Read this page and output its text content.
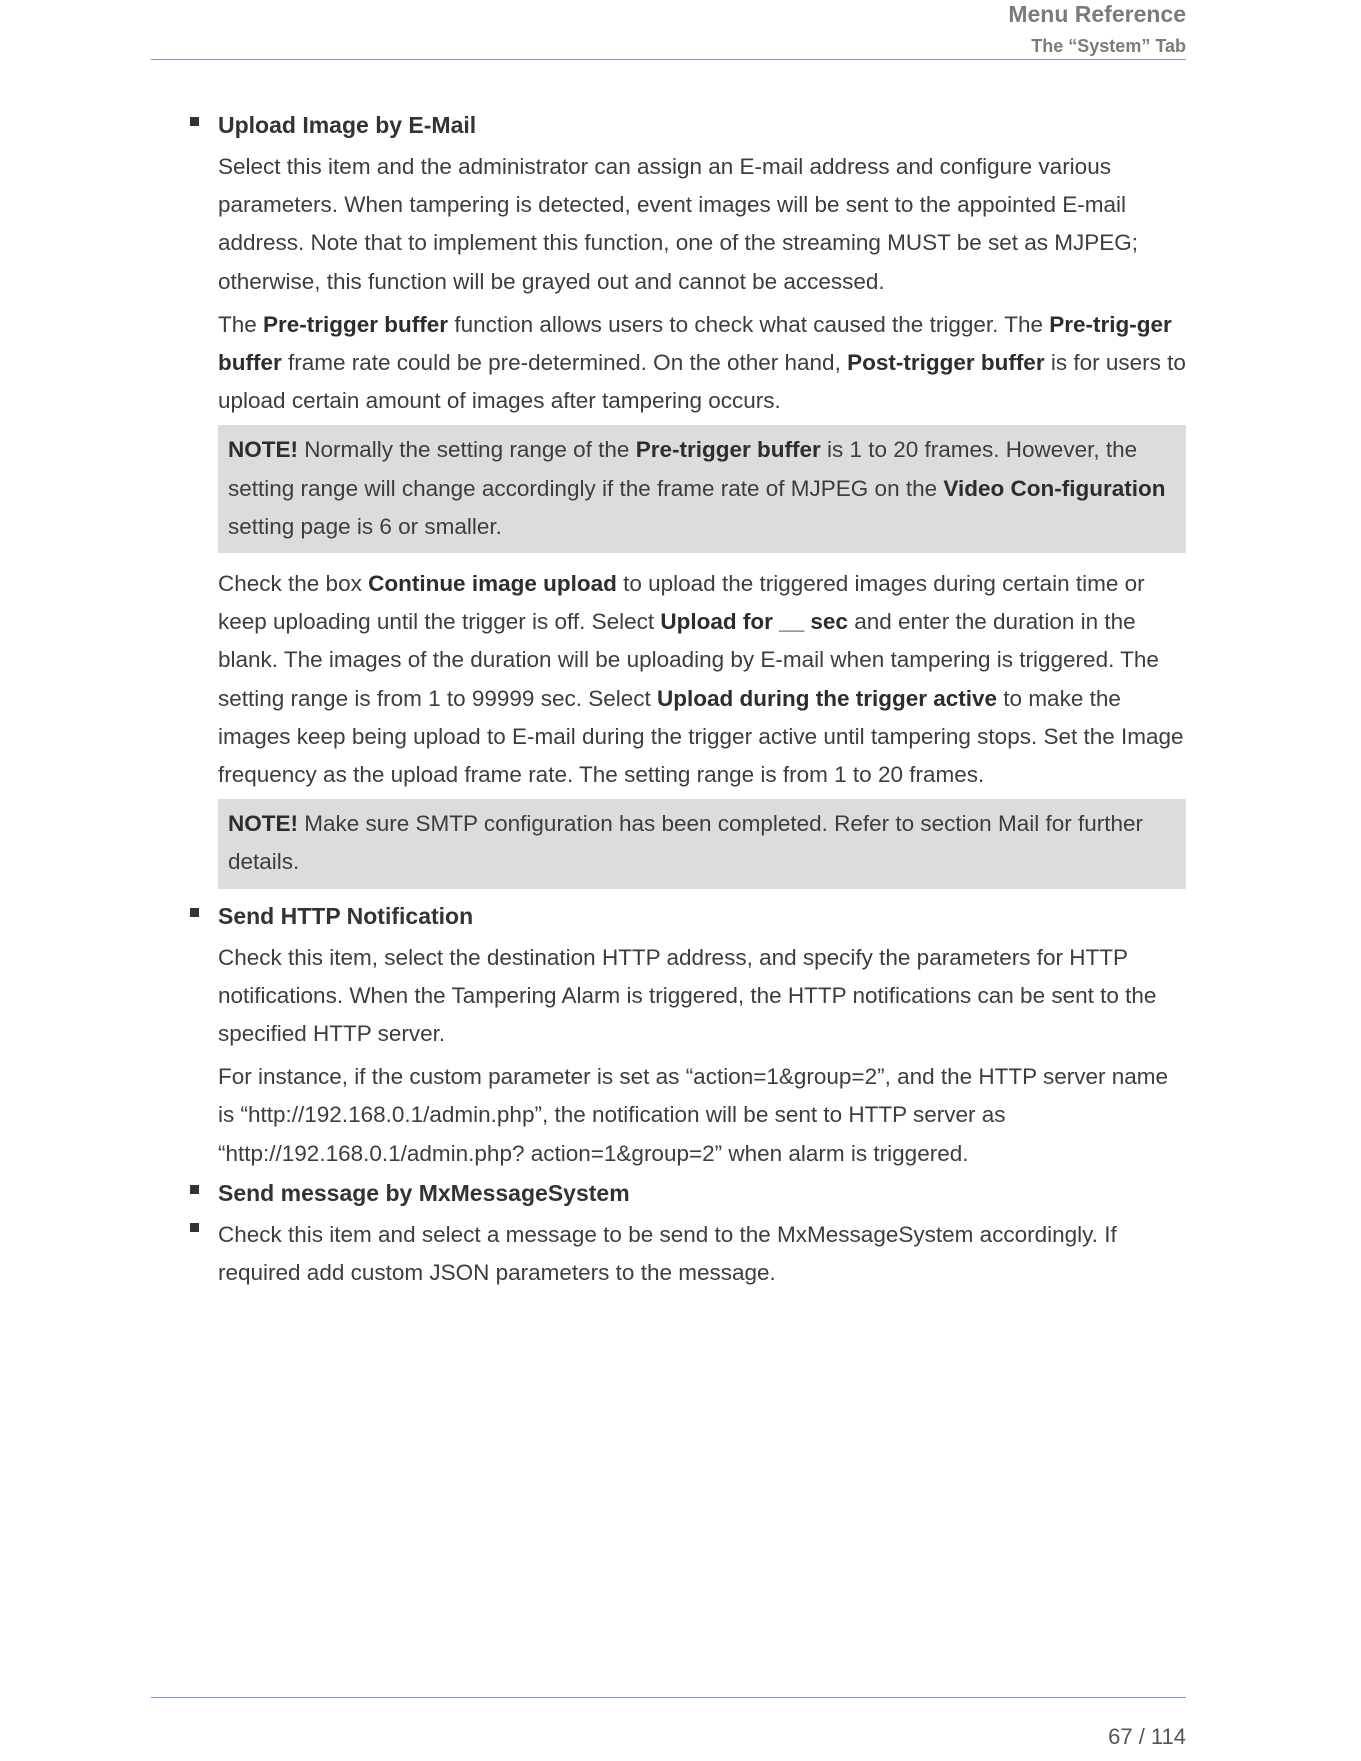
Menu Reference
The “System” Tab
Upload Image by E-Mail

Select this item and the administrator can assign an E-mail address and configure various parameters. When tampering is detected, event images will be sent to the appointed E-mail address. Note that to implement this function, one of the streaming MUST be set as MJPEG; otherwise, this function will be grayed out and cannot be accessed.

The Pre-trigger buffer function allows users to check what caused the trigger. The Pre-trig-ger buffer frame rate could be pre-determined. On the other hand, Post-trigger buffer is for users to upload certain amount of images after tampering occurs.

NOTE! Normally the setting range of the Pre-trigger buffer is 1 to 20 frames. However, the setting range will change accordingly if the frame rate of MJPEG on the Video Con-figuration setting page is 6 or smaller.

Check the box Continue image upload to upload the triggered images during certain time or keep uploading until the trigger is off. Select Upload for __ sec and enter the duration in the blank. The images of the duration will be uploading by E-mail when tampering is triggered. The setting range is from 1 to 99999 sec. Select Upload during the trigger active to make the images keep being upload to E-mail during the trigger active until tampering stops. Set the Image frequency as the upload frame rate. The setting range is from 1 to 20 frames.

NOTE! Make sure SMTP configuration has been completed. Refer to section Mail for further details.
Send HTTP Notification

Check this item, select the destination HTTP address, and specify the parameters for HTTP notifications. When the Tampering Alarm is triggered, the HTTP notifications can be sent to the specified HTTP server.

For instance, if the custom parameter is set as “action=1&group=2”, and the HTTP server name is “http://192.168.0.1/admin.php”, the notification will be sent to HTTP server as “http://192.168.0.1/admin.php? action=1&group=2” when alarm is triggered.

Send message by MxMessageSystem
Check this item and select a message to be send to the MxMessageSystem accordingly. If required add custom JSON parameters to the message.
67 / 114
